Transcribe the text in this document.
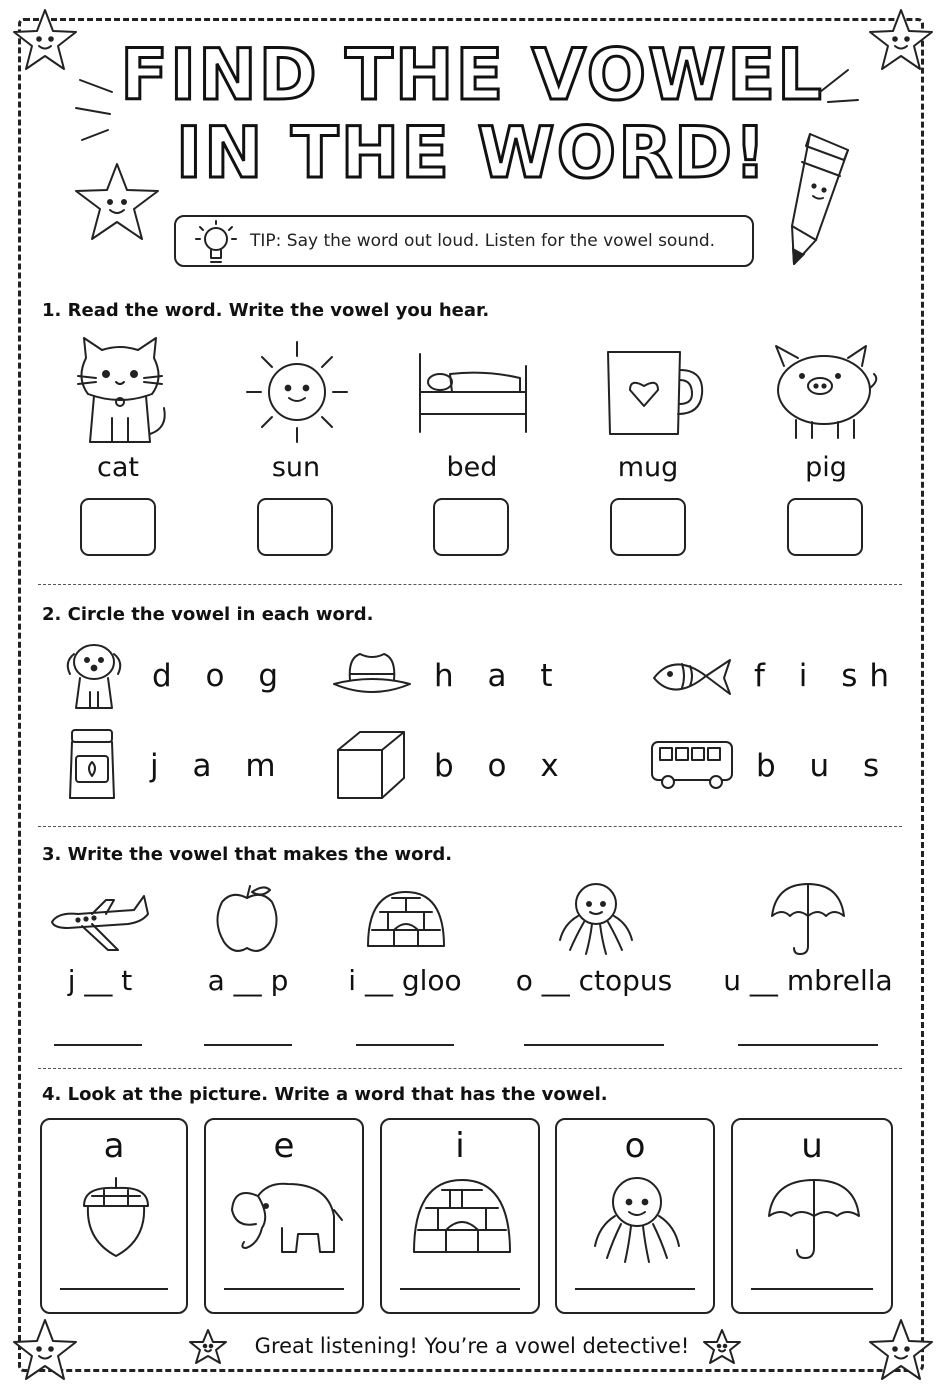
FIND THE VOWEL
IN THE WORD!
TIP: Say the word out loud. Listen for the vowel sound.
1. Read the word. Write the vowel you hear.
cat	sun	bed	mug	pig
2. Circle the vowel in each word.
d o g	h a t	f i sh
j a m	b o x	b u s
3. Write the vowel that makes the word.
j __ t	a __ p	i __ gloo	o __ ctopus	u __ mbrella
4. Look at the picture. Write a word that has the vowel.
a	e	i	o	u
Great listening! You’re a vowel detective!
